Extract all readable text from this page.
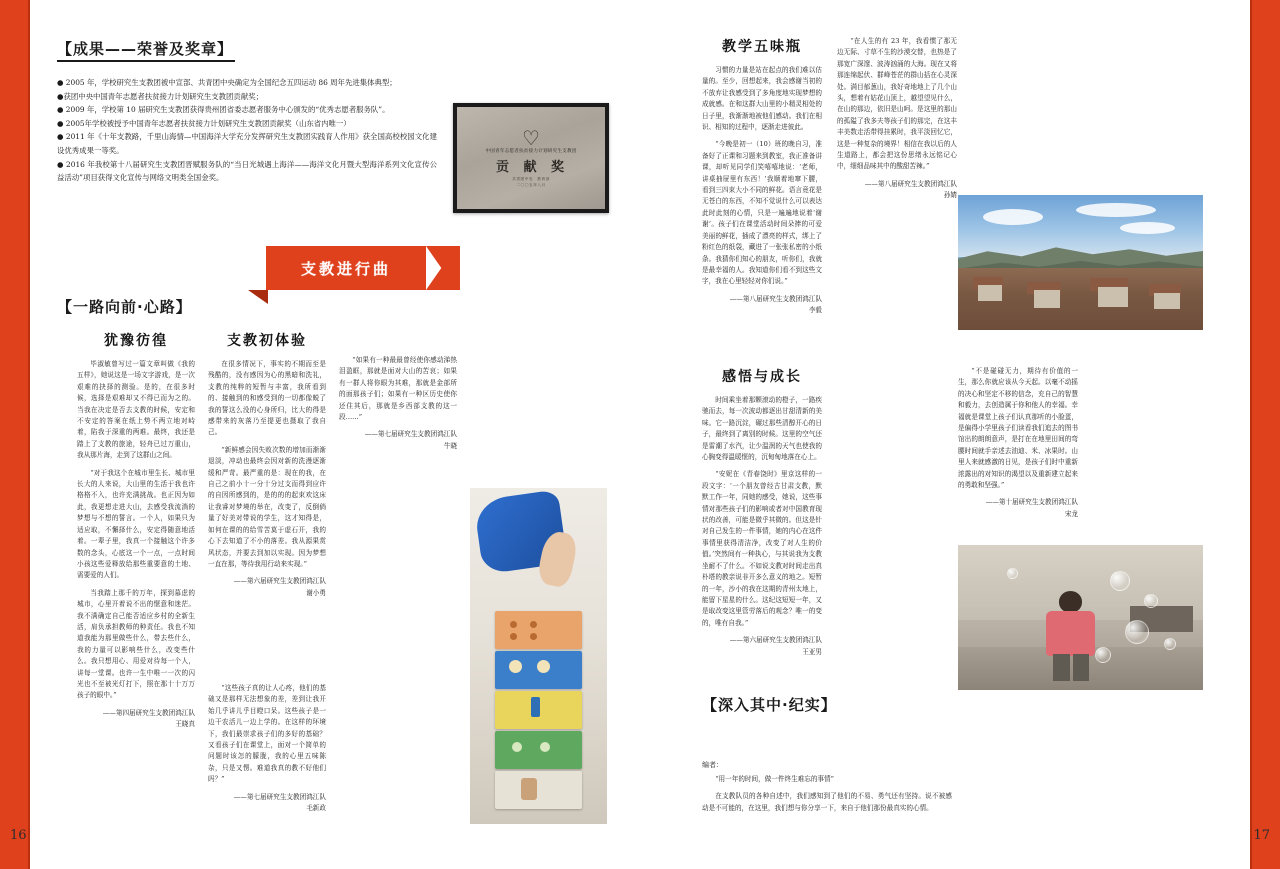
【成果——荣誉及奖章】
● 2005 年，学校研究生支教团被中宣部、共青团中央确定为全国纪念五四运动 86 周年先进集体典型；
●获团中央中国青年志愿者扶贫接力计划研究生支教团贡献奖；
● 2009 年，学校第 10 届研究生支教团获得贵州团省委志愿者服务中心颁发的“优秀志愿者服务队”。
● 2005年学校被授予中国青年志愿者扶贫接力计划研究生支教团贡献奖（山东省内唯一）
● 2011 年《十年支教路，千里山海情—中国海洋大学充分发挥研究生支教团实践育人作用》获全国高校校园文化建设优秀成果一等奖。
● 2016 年我校第十八届研究生支教团晋赋服务队的“当日光城遇上海洋——海洋文化月暨大型海洋系列文化宣传公益活动”项目获得文化宣传与网络文明类全国金奖。
♡
中国青年志愿者扶贫接力计划研究生支教团
贡 献 奖
共青团中央　教育部
二〇〇五年八月
支教进行曲
【一路向前·心路】
犹豫彷徨

毕淑敏曾写过一篇文章叫做《我的五样》，她说这是一场文字游戏，是一次艰难的抉择的测验。是的，在很多时候，选择是艰难却又不得已而为之的。当我在决定是否去支教的时候，安定和不安定的答案在纸上势不两立地对峙着，陷我于深重的两难。最终，我还是踏上了支教的旅途，轻舟已过万重山，我从那片海，走到了这群山之间。

“对于我这个在城市里生长、城市里长大的人来说，大山里的生活于我也许格格不入，也许充满挑战。也正因为如此，我更想走进大山，去感受我流淌的梦想与不想的誓言。一个人，如果只为适应取，不懈择什么，安定得随意地活着。一辈子里，我真一个接触这个许多数的念头，心底这一个一点，一点时间小孩这些爱释放给那些重要意的土地、需要爱的人们。

当我踏上那千的万年，探到慕虑的城市，心里开着说不出的惬意和迷茫。我不满确定自己能否适应乡村的全新生活，肩负承担教师的种责任。我也不知道我能为那里做些什么，带去些什么，我的力量可以影响些什么，改变些什么。我只想用心、用爱对待每一个人，讲每一堂课。也许一生中唯一一次的闪光也不至被光灯打下，照在那十十万万孩子的眼中。”

——第四届研究生支教团鸿江队
王晓真
支教初体验

在很多情况下，事实的不期而至是残酷的，没有感因为心的黑暗和洗礼，支教的纯粹的短暂与丰富，我所看到的、接触到的和感受到的一切都像蜕了我的誓这么没的心身所归，比大的得是感带来的灰落乃至提更也摄取了我自己。

“新鲜感会因失败次数的增加而渐渐退淡，冲动也最终会因对新的洗漫逐渐缓和严苛。最严重的是：现在的我，在自己之前小十一分十分过支而得到应许的自因所感到的，是的的的起束欢这床让我睿对梦境的举在，改变了，反倒倘量了好美对带说的学生，这才知得是，如何在课的的给雪苦莫于虚石开，我的心下去知道了不小的落差。我从源果赏风状态，并要去到加以实现。因为梦想一直在那，等待我用行动来实现。”

——第六届研究生支教团鸿江队
谢小勇

“这些孩子真的让人心疼，他们的基础又是那样无法想象的差，差到让我开始几乎讲儿乎目瞪口呆。这些孩子是一边干农活儿一边上学的。在这样的环境下，我们最崇求孩子们的多好的基础？又看孩子们在课堂上，面对一个简单的问题时该怎的朦胧，我的心里五味陈杂，只是又愣。难道我真的教不好他们吗？”

——第七届研究生支教团鸿江队
毛新政

“如果有一种最最曾经使你感动涕热泪盈眶，那就是面对大山的苦哀；如果有一群人将你眼为其难，那就是金部所的面那孩子们；如果有一种区历史使你还住其后，那就是乡西部支教的这一段……”

——第七届研究生支教团鸿江队
牛晓
16
教学五味瓶

习惯的力量是站在起点的我们难以估量的。至少，回想起来，我会感谢当初的不放弃让我感受到了多角度地实现梦想的成就感。在和这群大山里的小精灵相处的日子里，我渐渐地被他们感动。我们在相识、相知的过程中，逐渐走进彼此。

“今晚是初一（10）班的晚自习，准备好了正课和习题来到教室，我正准备讲课，却听见同学们笑嘻嘻地说：‘老师，讲桌抽屉里有东西！’我顺着地窜下腰，看到三四束大小不同的鲜花。语言竟花是无苍白的东西，不知不觉说什么可以表达此时此刻的心情，只是一遍遍地说着‘谢谢’。孩子们在课堂活动时间朵捧的可爱美丽的鲜花，插成了漂亮的样式，绑上了粉红色的纸袋，藏进了一张张私密的小纸条。我猜你们知心的朋友，听你们，我就是最幸福的人。我知道你们看不到这些文字，我在心里轻轻对你们说。”

——第八届研究生支教团鸿江队
李毅

“在人生的有 23 年，我看惯了那无边无际、寸草不生的沙漠交替，也热是了那宽广深邃、波涛汹涌的大海。现在又将那连绵起伏、群峰苍茫的群山括在心灵深处。满目郁葱山，我好奇地地上了几个山头，想着有姑花山顶上，越望望见什么，在山的那边，依旧是山呵。是这里的那山的孤隘了我多夫等孩子们的那完，在这丰丰美数走活带得挂累时，我平淡回忆它，这是一种复杂的境界！相信在我以后的人生道路上，都会把这份思绪永远铭记心中，细细品味其中的酸甜苦辣。”

——第八届研究生支教团鸿江队
孙婧
感悟与成长

时间乘坐着那颗滚动的橙子，一路疾驰而去，每一次波动都逐出甘甜清新的美味。它一路沉淀，碾过那些清醇开心的日子，最终到了离别的时候。这里的空气还是雷潮了水汽，让少温润的天气也使我的心胸变得温暖惬的，沉甸甸地落在心上。

“安妮在《青春饶时》里京这样的一段文字：‘一个朋友曾经古甘肃支教，默默工作一年，同她的感受，她说，这些事情对那些孩子们的影响或者对中国教育现状的改善，可能是微乎其微的。但这是针对自己发生的一件事情，她的内心在这件事情里获得清洁净，改变了对人生的价值。’突然间有一种执心，与其说我为支教坐耐不了什么。不如说支教对时间走出真朴塔的教亲说非开多么意义的地之。短暂的一年，沙小的我在这期的青州太地上，能留下星星的什么。这纪这短短一年，又是取改变这里管劳落后的观念？唯一的变的，唯有自我。”

——第六届研究生支教团鸿江队
王亚男

“不是碰碰无力，期待有价值的一生，那么你就应该从今天起。以毫不动摇的决心和坚定不移的信念，充自己的智慧和毅力，去创造属于你和他人的幸福。幸福就是课堂上孩子们认真那听的小脸蛋，是偏得小学里孩子们读看我们追去的图书馆出的朗朗意声，是打在在地里田间的弯腰时间就手亲述去油迪、米、冰果时。山里人来就感激的日见，是孩子们时中重新浓露出的对知识的渴望以及重新建立起来的勇敢和坚强。”

——第十届研究生支教团鸿江队
宋龙
【深入其中·纪实】
编者：

“用一年的时间，做一件终生难忘的事情”

在支教队员的各种自述中，我们感知到了他们的不易、勇气还有坚持。说不被感动是不可能的，在这里，我们想与你分享一下，来自于他们那份最真实的心情。

17
